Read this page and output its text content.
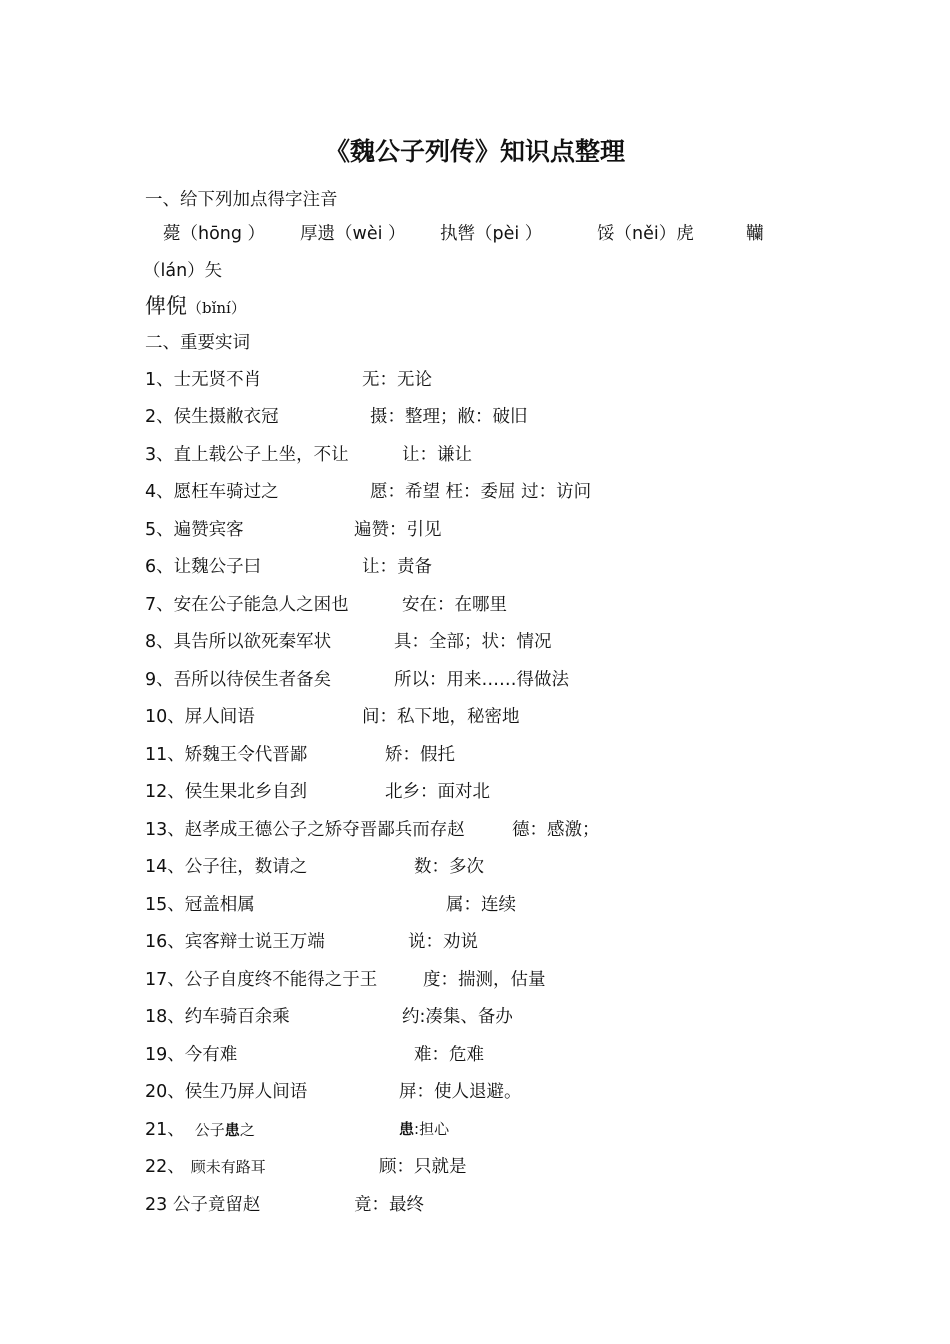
《魏公子列传》知识点整理
一、给下列加点得字注音
薨（hōng ） 厚遗（wèi ） 执辔（pèi ）	馁（něi）虎	韊
（lán）矢
俾倪（bǐní）
二、重要实词
1、士无贤不肖	无：无论
2、侯生摄敝衣冠	摄：整理；敝：破旧
3、直上载公子上坐，不让	让：谦让
4、愿枉车骑过之	愿：希望 枉：委屈 过：访问
5、遍赞宾客	遍赞：引见
6、让魏公子曰	让：责备
7、安在公子能急人之困也	安在：在哪里
8、具告所以欲死秦军状	具：全部；状：情况
9、吾所以待侯生者备矣	所以：用来……得做法
10、屏人间语	间：私下地，秘密地
11、矫魏王令代晋鄙	矫：假托
12、侯生果北乡自刭	北乡：面对北
13、赵孝成王德公子之矫夺晋鄙兵而存赵	德：感激；
14、公子往，数请之	数：多次
15、冠盖相属	属：连续
16、宾客辩士说王万端	说：劝说
17、公子自度终不能得之于王	度：揣测，估量
18、约车骑百余乘	约:凑集、备办
19、今有难	难：危难
20、侯生乃屏人间语	屏：使人退避。
21、 公子患之	患:担心
22、 顾未有路耳	顾：只就是
23 公子竟留赵	竟：最终
